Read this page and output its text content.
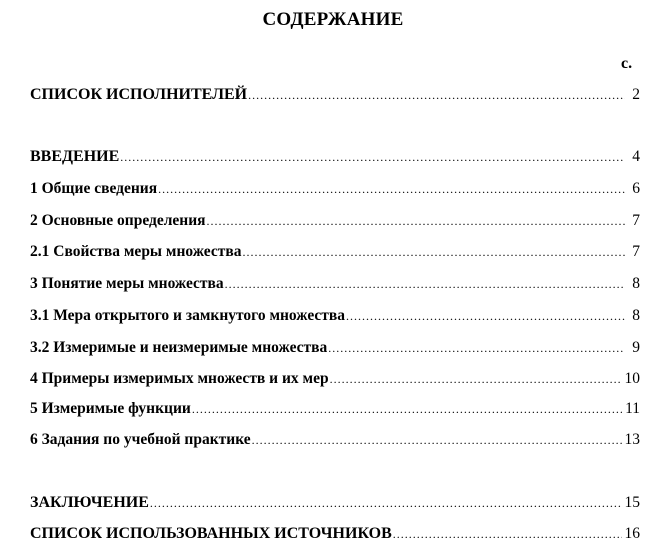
СОДЕРЖАНИЕ
с.
СПИСОК ИСПОЛНИТЕЛЕЙ .....	2
ВВЕДЕНИЕ .....	4
1 Общие сведения .....	6
2 Основные определения .....	7
2.1 Свойства меры множества .....	7
3 Понятие меры множества .....	8
3.1 Мера открытого и замкнутого множества .....	8
3.2 Измеримые и неизмеримые множества .....	9
4 Примеры измеримых множеств и их мер .....	10
5 Измеримые функции .....	11
6 Задания по учебной практике .....	13
ЗАКЛЮЧЕНИЕ .....	15
СПИСОК ИСПОЛЬЗОВАННЫХ ИСТОЧНИКОВ .....	16
